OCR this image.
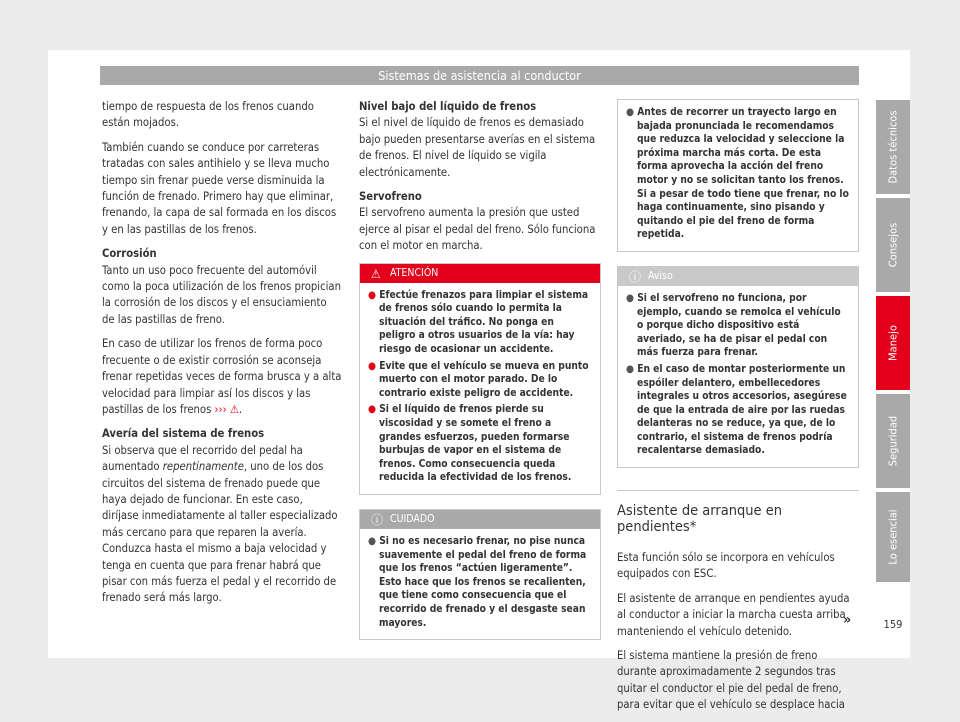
Sistemas de asistencia al conductor

tiempo de respuesta de los frenos cuando están mojados.

También cuando se conduce por carreteras tratadas con sales antihielo y se lleva mucho tiempo sin frenar puede verse disminuida la función de frenado. Primero hay que eliminar, frenando, la capa de sal formada en los discos y en las pastillas de los frenos.

Corrosión

Tanto un uso poco frecuente del automóvil como la poca utilización de los frenos propician la corrosión de los discos y el ensuciamiento de las pastillas de freno.

En caso de utilizar los frenos de forma poco frecuente o de existir corrosión se aconseja frenar repetidas veces de forma brusca y a alta velocidad para limpiar así los discos y las pastillas de los frenos ››› ⚠.

Avería del sistema de frenos

Si observa que el recorrido del pedal ha aumentado repentinamente, uno de los dos circuitos del sistema de frenado puede que haya dejado de funcionar. En este caso, diríjase inmediatamente al taller especializado más cercano para que reparen la avería. Conduzca hasta el mismo a baja velocidad y tenga en cuenta que para frenar habrá que pisar con más fuerza el pedal y el recorrido de frenado será más largo.

Nivel bajo del líquido de frenos

Si el nivel de líquido de frenos es demasiado bajo pueden presentarse averías en el sistema de frenos. El nivel de líquido se vigila electrónicamente.

Servofreno

El servofreno aumenta la presión que usted ejerce al pisar el pedal del freno. Sólo funciona con el motor en marcha.

⚠ ATENCIÓN
● Efectúe frenazos para limpiar el sistema de frenos sólo cuando lo permita la situación del tráfico. No ponga en peligro a otros usuarios de la vía: hay riesgo de ocasionar un accidente.
● Evite que el vehículo se mueva en punto muerto con el motor parado. De lo contrario existe peligro de accidente.
● Si el líquido de frenos pierde su viscosidad y se somete el freno a grandes esfuerzos, pueden formarse burbujas de vapor en el sistema de frenos. Como consecuencia queda reducida la efectividad de los frenos.
ⓘ CUIDADO
● Si no es necesario frenar, no pise nunca suavemente el pedal del freno de forma que los frenos “actúen ligeramente”. Esto hace que los frenos se recalienten, que tiene como consecuencia que el recorrido de frenado y el desgaste sean mayores.
● Antes de recorrer un trayecto largo en bajada pronunciada le recomendamos que reduzca la velocidad y seleccione la próxima marcha más corta. De esta forma aprovecha la acción del freno motor y no se solicitan tanto los frenos. Si a pesar de todo tiene que frenar, no lo haga continuamente, sino pisando y quitando el pie del freno de forma repetida.
ⓘ Aviso
● Si el servofreno no funciona, por ejemplo, cuando se remolca el vehículo o porque dicho dispositivo está averiado, se ha de pisar el pedal con más fuerza para frenar.
● En el caso de montar posteriormente un espóiler delantero, embellecedores integrales u otros accesorios, asegúrese de que la entrada de aire por las ruedas delanteras no se reduce, ya que, de lo contrario, el sistema de frenos podría recalentarse demasiado.
Asistente de arranque en pendientes*

Esta función sólo se incorpora en vehículos equipados con ESC.

El asistente de arranque en pendientes ayuda al conductor a iniciar la marcha cuesta arriba manteniendo el vehículo detenido.

El sistema mantiene la presión de freno durante aproximadamente 2 segundos tras quitar el conductor el pie del pedal de freno, para evitar que el vehículo se desplace hacia

»
Datos técnicos
Consejos
Manejo
Seguridad
Lo esencial
159
